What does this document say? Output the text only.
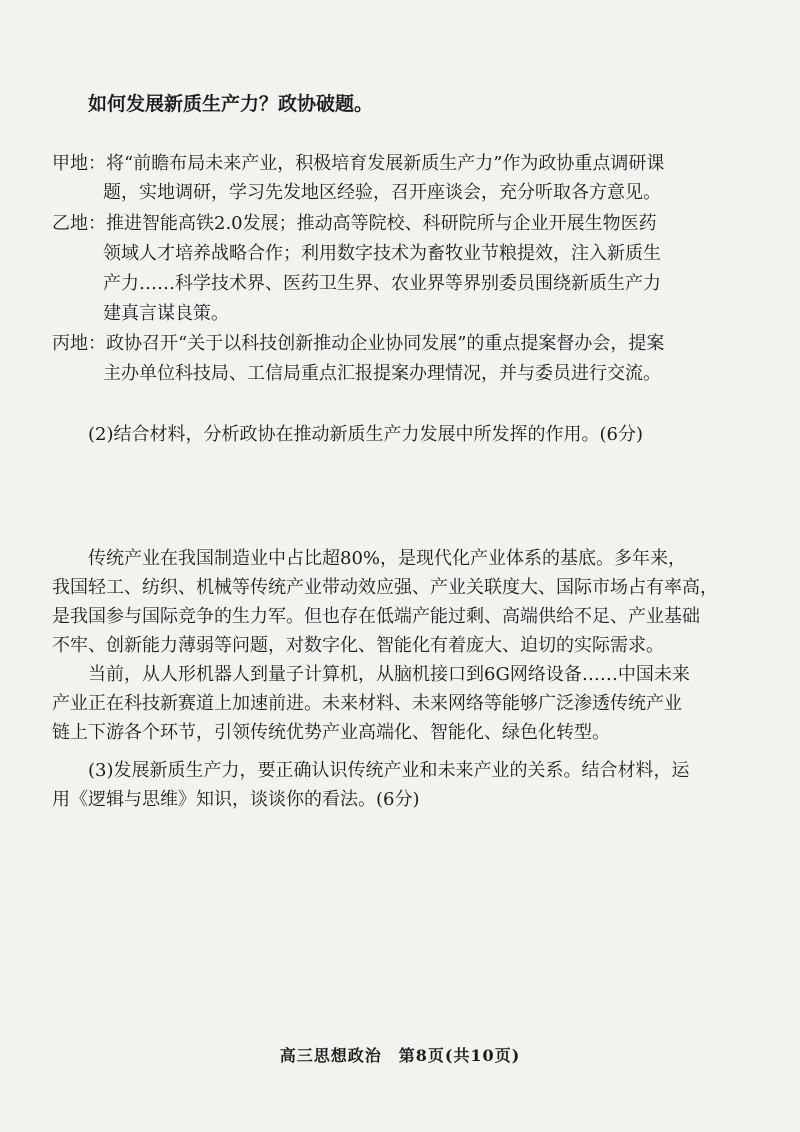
如何发展新质生产力？政协破题。
甲地：将“前瞻布局未来产业，积极培育发展新质生产力”作为政协重点调研课
题，实地调研，学习先发地区经验，召开座谈会，充分听取各方意见。
乙地：推进智能高铁2.0发展；推动高等院校、科研院所与企业开展生物医药
领域人才培养战略合作；利用数字技术为畜牧业节粮提效，注入新质生
产力……科学技术界、医药卫生界、农业界等界别委员围绕新质生产力
建真言谋良策。
丙地：政协召开“关于以科技创新推动企业协同发展”的重点提案督办会，提案
主办单位科技局、工信局重点汇报提案办理情况，并与委员进行交流。
(2)结合材料，分析政协在推动新质生产力发展中所发挥的作用。(6分)
传统产业在我国制造业中占比超80%，是现代化产业体系的基底。多年来，
我国轻工、纺织、机械等传统产业带动效应强、产业关联度大、国际市场占有率高，
是我国参与国际竞争的生力军。但也存在低端产能过剩、高端供给不足、产业基础
不牢、创新能力薄弱等问题，对数字化、智能化有着庞大、迫切的实际需求。
当前，从人形机器人到量子计算机，从脑机接口到6G网络设备……中国未来
产业正在科技新赛道上加速前进。未来材料、未来网络等能够广泛渗透传统产业
链上下游各个环节，引领传统优势产业高端化、智能化、绿色化转型。
(3)发展新质生产力，要正确认识传统产业和未来产业的关系。结合材料，运
用《逻辑与思维》知识，谈谈你的看法。(6分)
高三思想政治　第8页(共10页)
